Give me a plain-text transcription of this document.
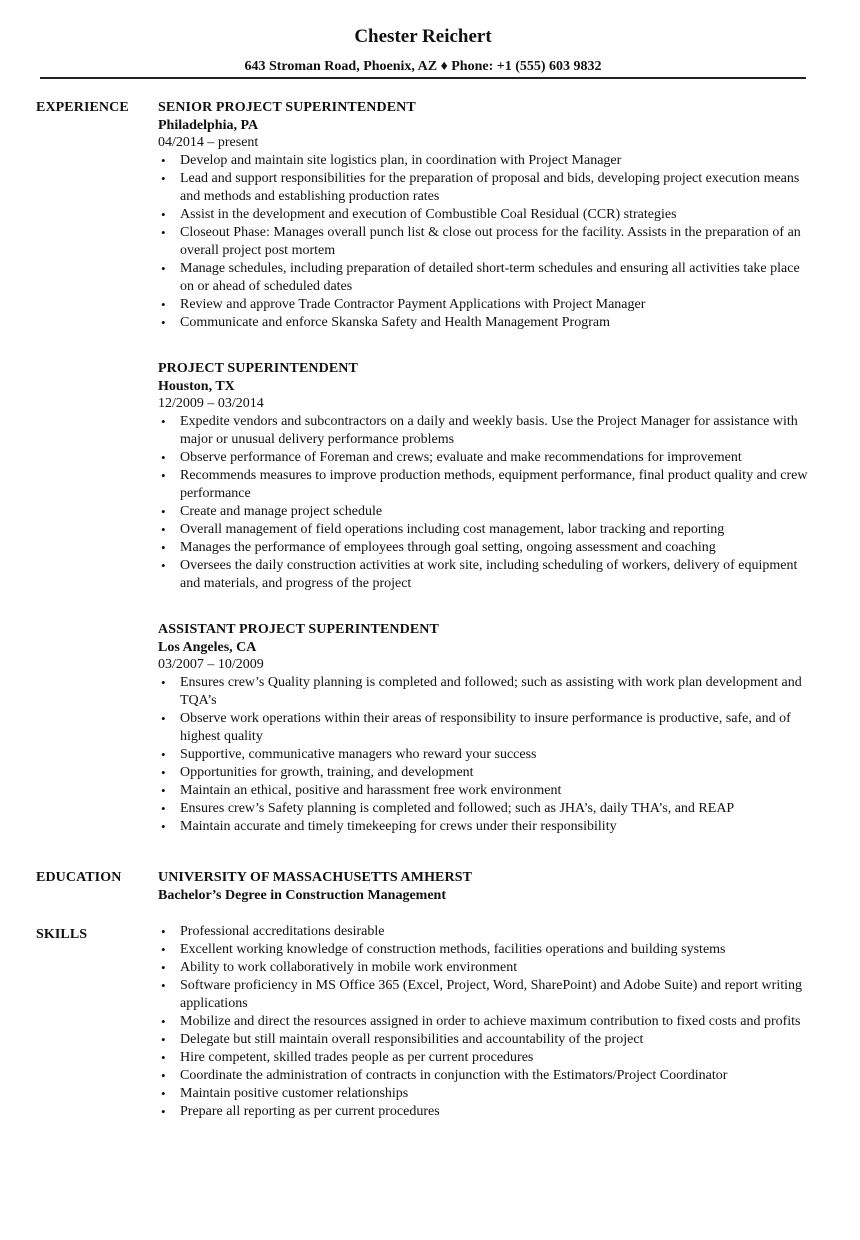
Chester Reichert
643 Stroman Road, Phoenix, AZ ♦ Phone: +1 (555) 603 9832
EXPERIENCE SENIOR PROJECT SUPERINTENDENT
Philadelphia, PA
04/2014 – present
• Develop and maintain site logistics plan, in coordination with Project Manager
• Lead and support responsibilities for the preparation of proposal and bids, developing project execution means and methods and establishing production rates
• Assist in the development and execution of Combustible Coal Residual (CCR) strategies
• Closeout Phase: Manages overall punch list & close out process for the facility. Assists in the preparation of an overall project post mortem
• Manage schedules, including preparation of detailed short-term schedules and ensuring all activities take place on or ahead of scheduled dates
• Review and approve Trade Contractor Payment Applications with Project Manager
• Communicate and enforce Skanska Safety and Health Management Program
PROJECT SUPERINTENDENT
Houston, TX
12/2009 – 03/2014
• Expedite vendors and subcontractors on a daily and weekly basis. Use the Project Manager for assistance with major or unusual delivery performance problems
• Observe performance of Foreman and crews; evaluate and make recommendations for improvement
• Recommends measures to improve production methods, equipment performance, final product quality and crew performance
• Create and manage project schedule
• Overall management of field operations including cost management, labor tracking and reporting
• Manages the performance of employees through goal setting, ongoing assessment and coaching
• Oversees the daily construction activities at work site, including scheduling of workers, delivery of equipment and materials, and progress of the project
ASSISTANT PROJECT SUPERINTENDENT
Los Angeles, CA
03/2007 – 10/2009
• Ensures crew’s Quality planning is completed and followed; such as assisting with work plan development and TQA’s
• Observe work operations within their areas of responsibility to insure performance is productive, safe, and of highest quality
• Supportive, communicative managers who reward your success
• Opportunities for growth, training, and development
• Maintain an ethical, positive and harassment free work environment
• Ensures crew’s Safety planning is completed and followed; such as JHA’s, daily THA’s, and REAP
• Maintain accurate and timely timekeeping for crews under their responsibility
EDUCATION	UNIVERSITY OF MASSACHUSETTS AMHERST
Bachelor’s Degree in Construction Management
SKILLS
•	Professional accreditations desirable
• Excellent working knowledge of construction methods, facilities operations and building systems
• Ability to work collaboratively in mobile work environment
• Software proficiency in MS Office 365 (Excel, Project, Word, SharePoint) and Adobe Suite) and report writing applications
• Mobilize and direct the resources assigned in order to achieve maximum contribution to fixed costs and profits
• Delegate but still maintain overall responsibilities and accountability of the project
• Hire competent, skilled trades people as per current procedures
• Coordinate the administration of contracts in conjunction with the Estimators/Project Coordinator
• Maintain positive customer relationships
• Prepare all reporting as per current procedures
